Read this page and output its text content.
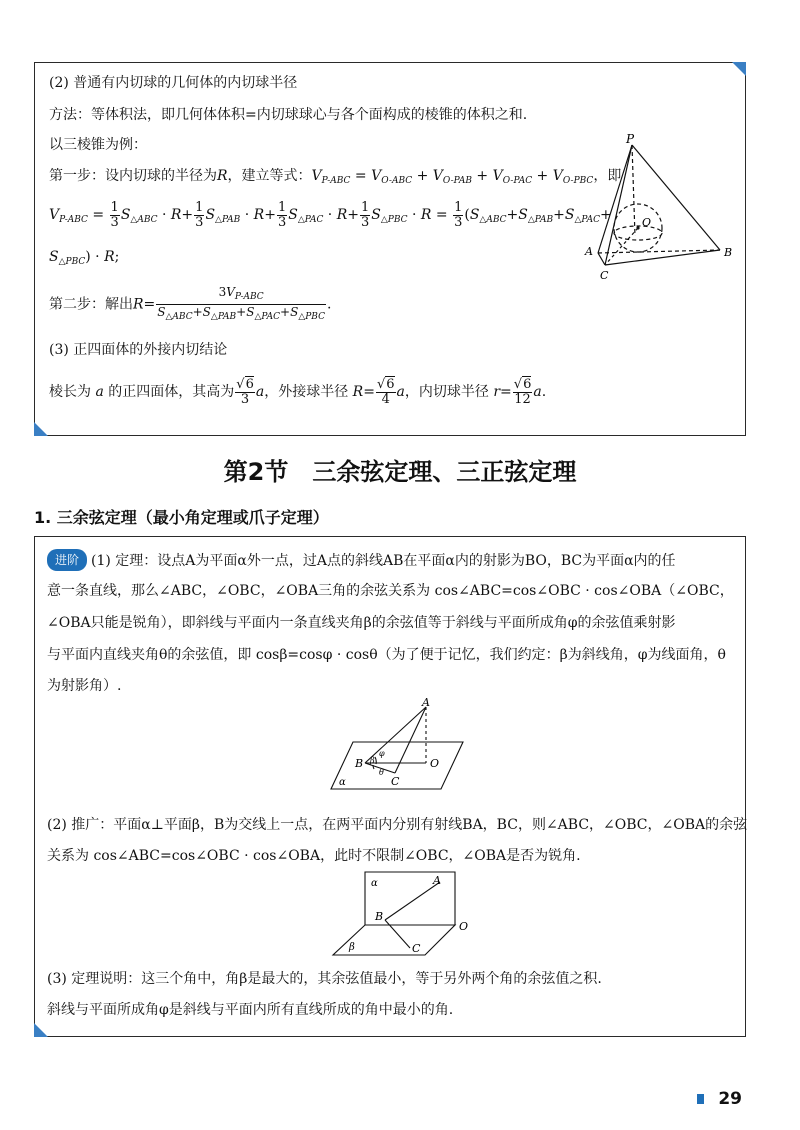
(2) 普通有内切球的几何体的内切球半径
方法：等体积法，即几何体体积=内切球球心与各个面构成的棱锥的体积之和.
以三棱锥为例：
第一步：设内切球的半径为R，建立等式：$V_{P-ABC} = V_{O-ABC} + V_{O-PAB} + V_{O-PAC} + V_{O-PBC}$，即
$V_{P-ABC} = \frac{1}{3} S_{\triangle ABC} \cdot R+ \frac{1}{3} S_{\triangle PAB} \cdot R+ \frac{1}{3} S_{\triangle PAC} \cdot R+ \frac{1}{3} S_{\triangle PBC} \cdot R = \frac{1}{3} (S_{\triangle ABC}+S_{\triangle PAB}+S_{\triangle PAC}+$
$S_{\triangle PBC}) \cdot R$;
第二步：解出$R= \frac{3V_{P-ABC}}{S_{\triangle ABC}+S_{\triangle PAB}+S_{\triangle PAC}+S_{\triangle PBC}}$ .
(3) 正四面体的外接内切结论
棱长为 a 的正四面体，其高为 $\frac{√6}{3}$ a，外接球半径 $R= \frac{√6}{4}$ a，内切球半径 $r= \frac{√6}{12} a$.
P
O
A	B
C
第2节　三余弦定理、三正弦定理
1. 三余弦定理（最小角定理或爪子定理）
进阶 (1) 定理：设点A为平面α外一点，过A点的斜线AB在平面α内的射影为BO，BC为平面α内的任
意一条直线，那么∠ABC，∠OBC，∠OBA三角的余弦关系为 cos∠ABC=cos∠OBC · cos∠OBA（∠OBC，
∠OBA只能是锐角），即斜线与平面内一条直线夹角β的余弦值等于斜线与平面所成角φ的余弦值乘射影
与平面内直线夹角θ的余弦值，即 cosβ=cosφ · cosθ（为了便于记忆，我们约定：β为斜线角，φ为线面角，θ
为射影角）.
A
B
C
O
α
φ
θ
β
(2) 推广：平面α⊥平面β，B为交线上一点，在两平面内分别有射线BA，BC，则∠ABC，∠OBC，∠OBA的余弦
关系为 cos∠ABC=cos∠OBC · cos∠OBA，此时不限制∠OBC，∠OBA是否为锐角.
α	A
B
C
O
β
(3) 定理说明：这三个角中，角β是最大的，其余弦值最小，等于另外两个角的余弦值之积.
斜线与平面所成角φ是斜线与平面内所有直线所成的角中最小的角.
29
